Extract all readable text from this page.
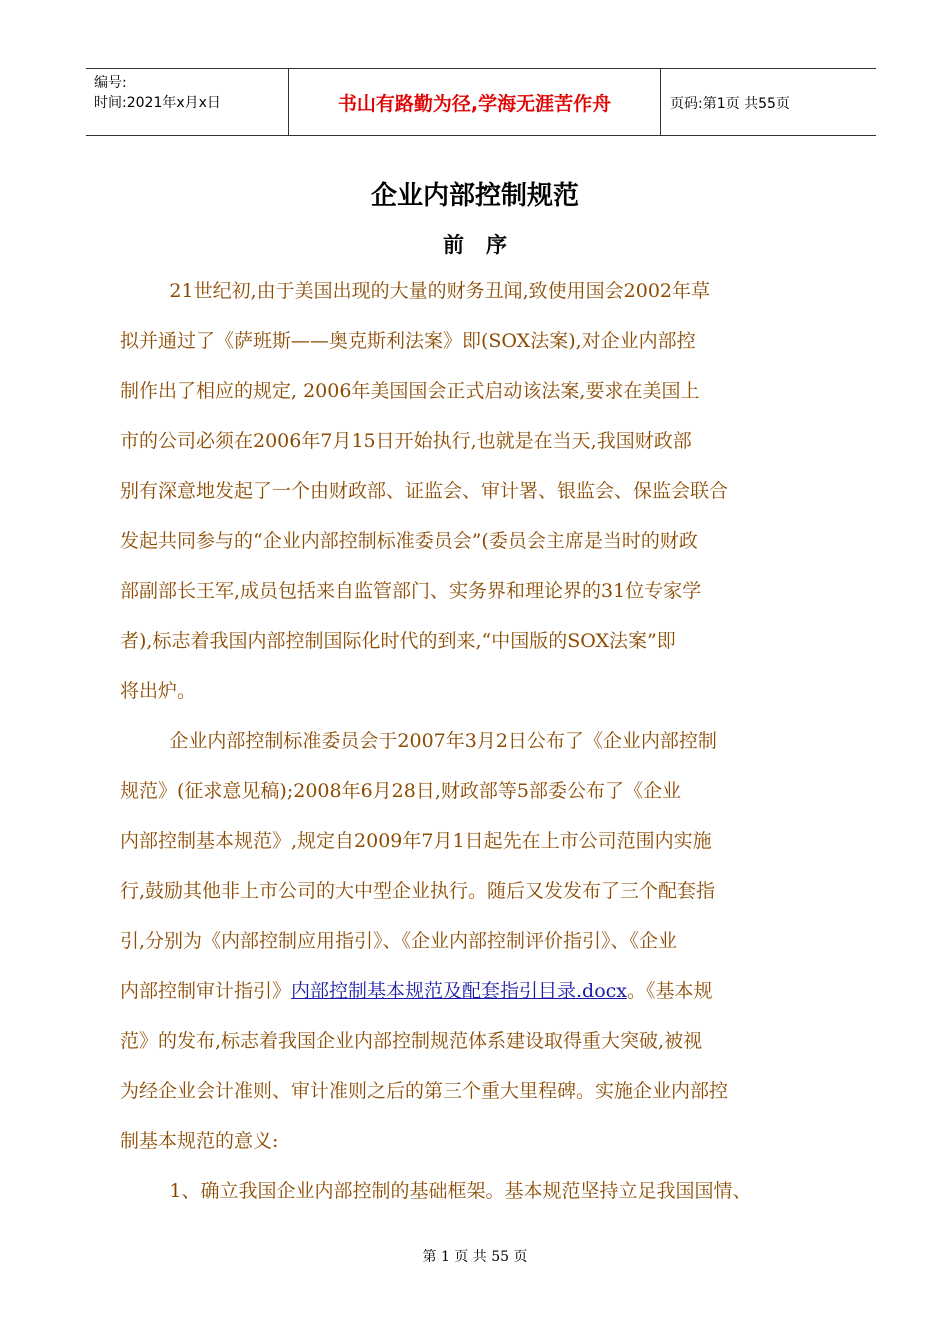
编号:
时间:2021年x月x日	书山有路勤为径,学海无涯苦作舟	页码:第1页 共55页
企业内部控制规范
前序
21世纪初,由于美国出现的大量的财务丑闻,致使用国会2002年草
拟并通过了《萨班斯——奥克斯利法案》即(SOX法案),对企业内部控
制作出了相应的规定, 2006年美国国会正式启动该法案,要求在美国上
市的公司必须在2006年7月15日开始执行,也就是在当天,我国财政部
别有深意地发起了一个由财政部、证监会、审计署、银监会、保监会联合
发起共同参与的“企业内部控制标准委员会”(委员会主席是当时的财政
部副部长王军,成员包括来自监管部门、实务界和理论界的31位专家学
者),标志着我国内部控制国际化时代的到来,“中国版的SOX法案”即
将出炉。
企业内部控制标准委员会于2007年3月2日公布了《企业内部控制
规范》(征求意见稿);2008年6月28日,财政部等5部委公布了《企业
内部控制基本规范》,规定自2009年7月1日起先在上市公司范围内实施
行,鼓励其他非上市公司的大中型企业执行。随后又发发布了三个配套指
引,分别为《内部控制应用指引》、《企业内部控制评价指引》、《企业
内部控制审计指引》内部控制基本规范及配套指引目录.docx。《基本规
范》的发布,标志着我国企业内部控制规范体系建设取得重大突破,被视
为经企业会计准则、审计准则之后的第三个重大里程碑。实施企业内部控
制基本规范的意义:
1、确立我国企业内部控制的基础框架。基本规范坚持立足我国国情、
第 1 页 共 55 页
